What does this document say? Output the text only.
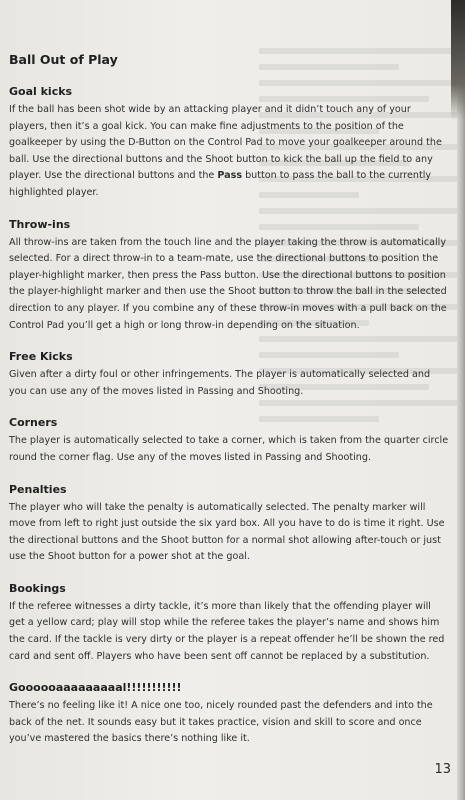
Ball Out of Play
Goal kicks

If the ball has been shot wide by an attacking player and it didn’t touch any of your players, then it’s a goal kick. You can make fine adjustments to the position of the goalkeeper by using the D-Button on the Control Pad to move your goalkeeper around the ball. Use the directional buttons and the Shoot button to kick the ball up the field to any player. Use the directional buttons and the Pass button to pass the ball to the currently highlighted player.

Throw-ins

All throw-ins are taken from the touch line and the player taking the throw is automatically selected. For a direct throw-in to a team-mate, use the directional buttons to position the player-highlight marker, then press the Pass button. Use the directional buttons to position the player-highlight marker and then use the Shoot button to throw the ball in the selected direction to any player. If you combine any of these throw-in moves with a pull back on the Control Pad you’ll get a high or long throw-in depending on the situation.

Free Kicks

Given after a dirty foul or other infringements. The player is automatically selected and you can use any of the moves listed in Passing and Shooting.

Corners

The player is automatically selected to take a corner, which is taken from the quarter circle round the corner flag. Use any of the moves listed in Passing and Shooting.

Penalties

The player who will take the penalty is automatically selected. The penalty marker will move from left to right just outside the six yard box. All you have to do is time it right. Use the directional buttons and the Shoot button for a normal shot allowing after-touch or just use the Shoot button for a power shot at the goal.

Bookings

If the referee witnesses a dirty tackle, it’s more than likely that the offending player will get a yellow card; play will stop while the referee takes the player’s name and shows him the card. If the tackle is very dirty or the player is a repeat offender he’ll be shown the red card and sent off. Players who have been sent off cannot be replaced by a substitution.

Goooooaaaaaaaaal!!!!!!!!!!!

There’s no feeling like it! A nice one too, nicely rounded past the defenders and into the back of the net. It sounds easy but it takes practice, vision and skill to score and once you’ve mastered the basics there’s nothing like it.

13
